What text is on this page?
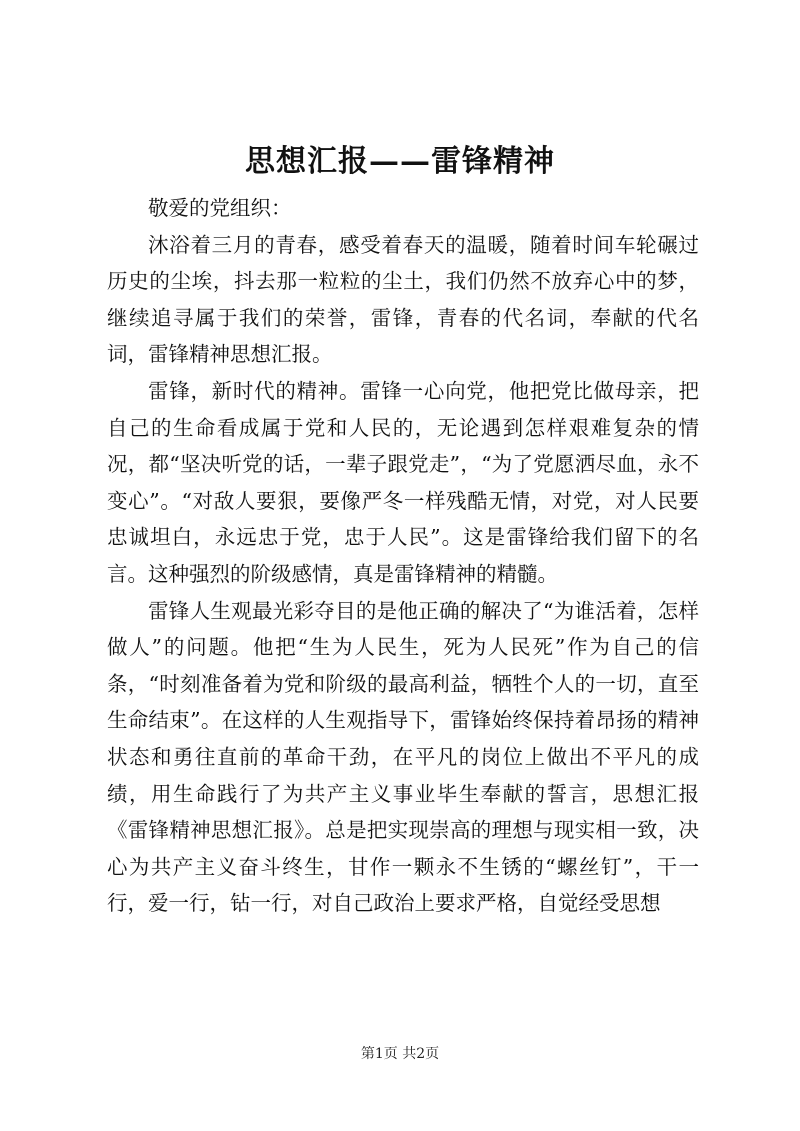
思想汇报——雷锋精神

敬爱的党组织：

沐浴着三月的青春，感受着春天的温暖，随着时间车轮碾过历史的尘埃，抖去那一粒粒的尘土，我们仍然不放弃心中的梦，继续追寻属于我们的荣誉，雷锋，青春的代名词，奉献的代名词，雷锋精神思想汇报。

雷锋，新时代的精神。雷锋一心向党，他把党比做母亲，把自己的生命看成属于党和人民的，无论遇到怎样艰难复杂的情况，都“坚决听党的话，一辈子跟党走”，“为了党愿洒尽血，永不变心”。“对敌人要狠，要像严冬一样残酷无情，对党，对人民要忠诚坦白，永远忠于党，忠于人民”。这是雷锋给我们留下的名言。这种强烈的阶级感情，真是雷锋精神的精髓。

雷锋人生观最光彩夺目的是他正确的解决了“为谁活着，怎样做人”的问题。他把“生为人民生，死为人民死”作为自己的信条，“时刻准备着为党和阶级的最高利益，牺牲个人的一切，直至生命结束”。在这样的人生观指导下，雷锋始终保持着昂扬的精神状态和勇往直前的革命干劲，在平凡的岗位上做出不平凡的成绩，用生命践行了为共产主义事业毕生奉献的誓言，思想汇报《雷锋精神思想汇报》。总是把实现崇高的理想与现实相一致，决心为共产主义奋斗终生，甘作一颗永不生锈的“螺丝钉”，干一行，爱一行，钻一行，对自己政治上要求严格，自觉经受思想

第1页 共2页
